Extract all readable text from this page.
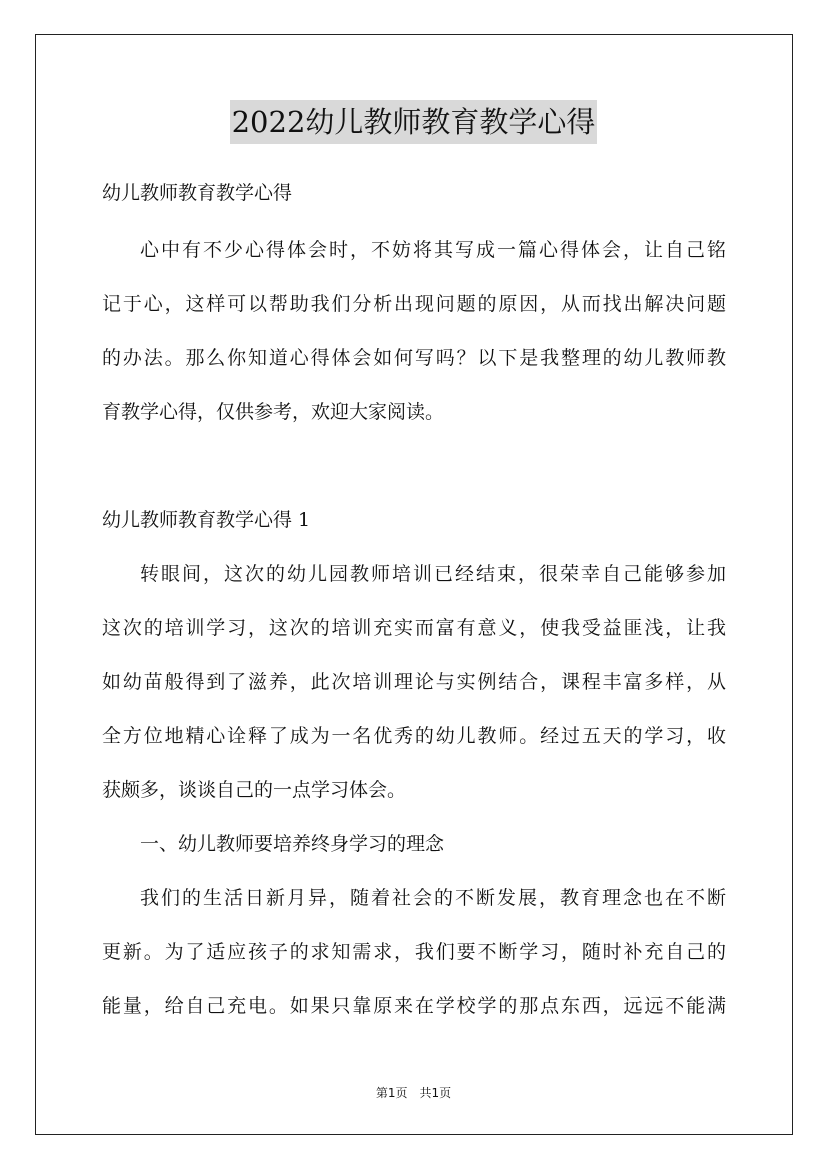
2022幼儿教师教育教学心得
幼儿教师教育教学心得
心中有不少心得体会时，不妨将其写成一篇心得体会，让自己铭
记于心，这样可以帮助我们分析出现问题的原因，从而找出解决问题
的办法。那么你知道心得体会如何写吗？以下是我整理的幼儿教师教
育教学心得，仅供参考，欢迎大家阅读。
幼儿教师教育教学心得 1
转眼间，这次的幼儿园教师培训已经结束，很荣幸自己能够参加
这次的培训学习，这次的培训充实而富有意义，使我受益匪浅，让我
如幼苗般得到了滋养，此次培训理论与实例结合，课程丰富多样，从
全方位地精心诠释了成为一名优秀的幼儿教师。经过五天的学习，收
获颇多，谈谈自己的一点学习体会。
一、幼儿教师要培养终身学习的理念
我们的生活日新月异，随着社会的不断发展，教育理念也在不断
更新。为了适应孩子的求知需求，我们要不断学习，随时补充自己的
能量，给自己充电。如果只靠原来在学校学的那点东西，远远不能满
第1页　共1页
